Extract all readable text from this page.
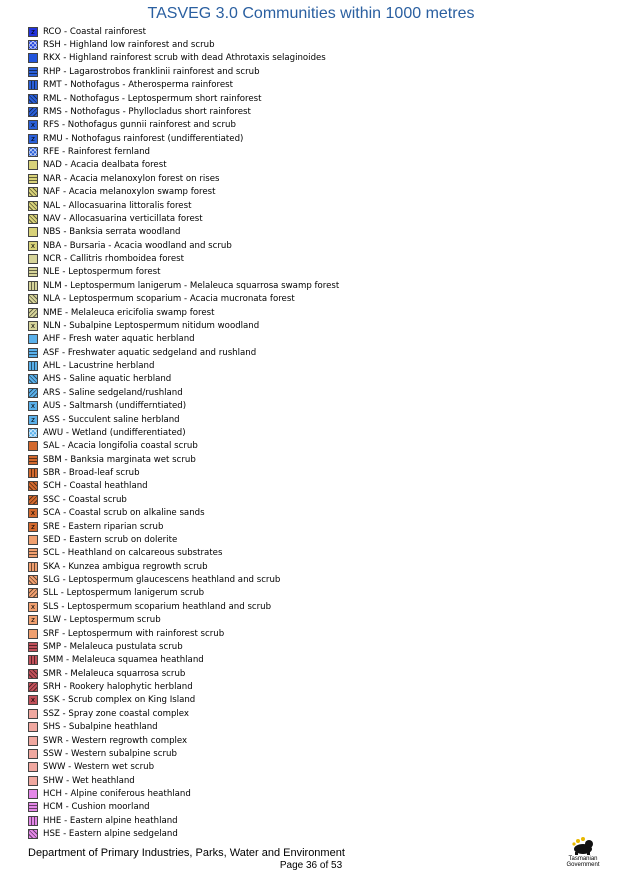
TASVEG 3.0 Communities within 1000 metres
z RCO - Coastal rainforest
RSH - Highland low rainforest and scrub
RKX - Highland rainforest scrub with dead Athrotaxis selaginoides
RHP - Lagarostrobos franklinii rainforest and scrub
RMT - Nothofagus - Atherosperma rainforest
RML - Nothofagus - Leptospermum short rainforest
RMS - Nothofagus - Phyllocladus short rainforest
x RFS - Nothofagus gunnii rainforest and scrub
z RMU - Nothofagus rainforest (undifferentiated)
RFE - Rainforest fernland
NAD - Acacia dealbata forest
NAR - Acacia melanoxylon forest on rises
NAF - Acacia melanoxylon swamp forest
NAL - Allocasuarina littoralis forest
NAV - Allocasuarina verticillata forest
NBS - Banksia serrata woodland
x NBA - Bursaria - Acacia woodland and scrub
NCR - Callitris rhomboidea forest
NLE - Leptospermum forest
NLM - Leptospermum lanigerum - Melaleuca squarrosa swamp forest
NLA - Leptospermum scoparium - Acacia mucronata forest
NME - Melaleuca ericifolia swamp forest
x NLN - Subalpine Leptospermum nitidum woodland
AHF - Fresh water aquatic herbland
ASF - Freshwater aquatic sedgeland and rushland
AHL - Lacustrine herbland
AHS - Saline aquatic herbland
ARS - Saline sedgeland/rushland
x AUS - Saltmarsh (undifferntiated)
z ASS - Succulent saline herbland
AWU - Wetland (undifferentiated)
SAL - Acacia longifolia coastal scrub
SBM - Banksia marginata wet scrub
SBR - Broad-leaf scrub
SCH - Coastal heathland
SSC - Coastal scrub
x SCA - Coastal scrub on alkaline sands
z SRE - Eastern riparian scrub
SED - Eastern scrub on dolerite
SCL - Heathland on calcareous substrates
SKA - Kunzea ambigua regrowth scrub
SLG - Leptospermum glaucescens heathland and scrub
SLL - Leptospermum lanigerum scrub
x SLS - Leptospermum scoparium heathland and scrub
z SLW - Leptospermum scrub
SRF - Leptospermum with rainforest scrub
SMP - Melaleuca pustulata scrub
SMM - Melaleuca squamea heathland
SMR - Melaleuca squarrosa scrub
SRH - Rookery halophytic herbland
x SSK - Scrub complex on King Island
SSZ - Spray zone coastal complex
SHS - Subalpine heathland
SWR - Western regrowth complex
SSW - Western subalpine scrub
SWW - Western wet scrub
SHW - Wet heathland
HCH - Alpine coniferous heathland
HCM - Cushion moorland
HHE - Eastern alpine heathland
HSE - Eastern alpine sedgeland
Department of Primary Industries, Parks, Water and Environment
Page 36 of 53
Tasmanian
Government
